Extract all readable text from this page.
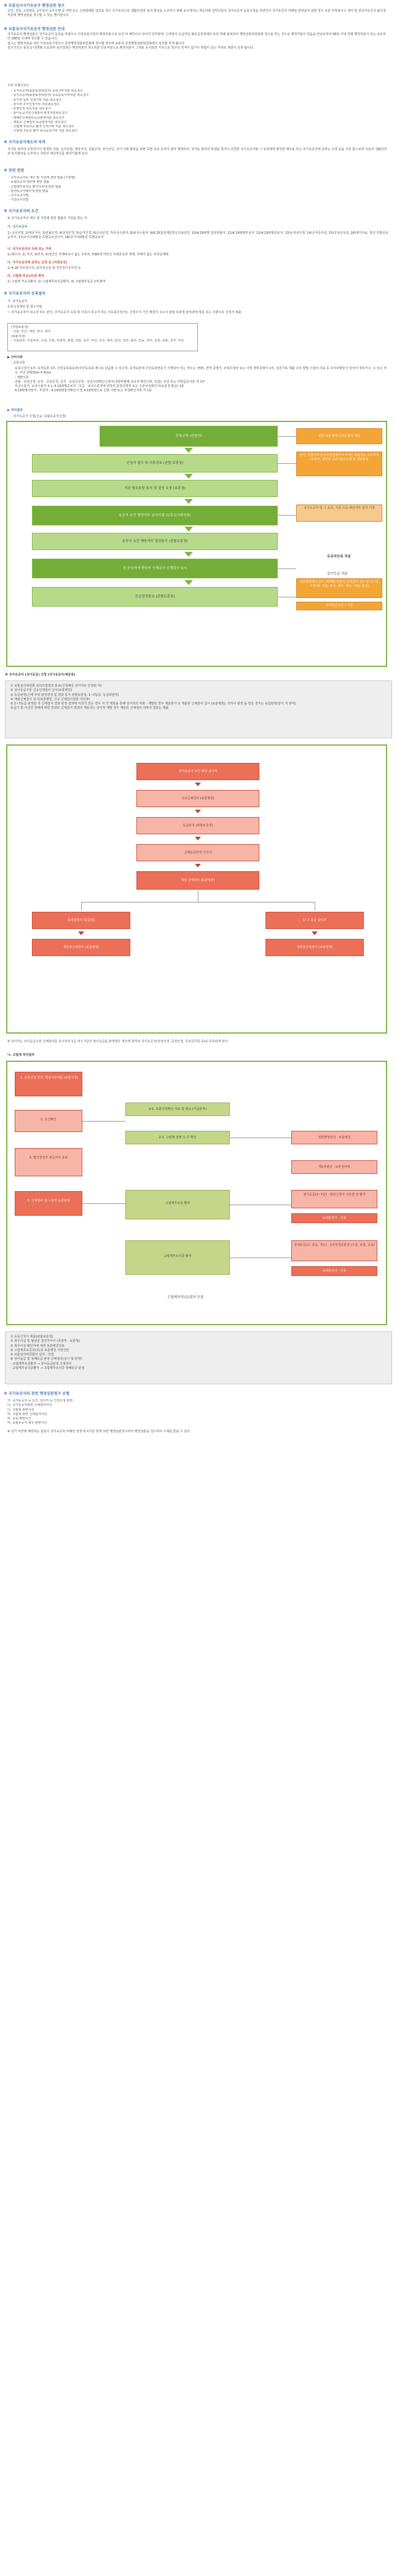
※ 보훈심사국가유공자 행정심판 청구
군인, 경찰, 소방관등 공무원이 공무수행 중 사망 또는 신체장해를 입었을 경우 국가보상으로 생활안정과 복지 향상을 도모하기 위해 보구에서는 제도마와 일반인들이 국가유공자 등록신청을 하면인사 국가유공자 미해당 결정을처 분할 경우 보훈 부정복이고 생각 및 취국가유공자 불인정처분에 행정심판을 청구할 수 있는 행이입니다.
※ 보훈심사국가유공자 행정심판 안내
국가유공자 행정심판은 국가유공자 등록을 하였으나 지정보훈지청의 행정처분으로 요건 비 해당이나 상이처 일부판정, 신체검사 등급미달 불등급결정에의 또하 대해 불복하여 행정심판위원회에 청구을 하는 것으로 행정처분이 있음을 안날로부터 90일 이내 특별 행정처분이 있는 날로부터 180일 이내에 청구할 수 있습니다.
접수는 행정처분을 내린 지정보훈지청이나 중앙행정심판위원회에 청구할 경우에 보훈처 중앙행정심판위원회에서 심의할 하게 됩니다.
심의기간은 통상 2~3개월 소요되며 심의결과는 행정처분의 취소처분 인용처분으로 행정처분이 그대로 유지되면 기각으로 청구인 적격이 없거나 위법이 있는 각하로 재결이 되게 됩니다.
주로 유형으로는
- 국가유공자(보훈보상대상자) 등록거부처분 취소청구
- 국가유공자(보훈보상대상자) 유족등록거부처분 취소청구
- 상이처 일부 인정거부 처분 취소청구
- 상이처 추가인정거부 처분취소청구
- 요양인정 취소처분 취소청구
- 상이등급구분신체검사 판정처분취소청구
- 재해인신체검사등급판정처분 취소청구
- 재분류 신체검사 등급판정처분 취소청구
- 고엽제 후유의증 환자 인정거부 처분 취소청구
- 고엽제 후유증 환자 유족등록거부 처분 취소청구
※ 국가유공자제도의 목적
국가를 위하여 공헌하거나 희생한 사람, 순국선열, 애국지사, 전몰군경, 상이군인, 국가 사회 발전을 위한 특별 공로 순직자 참여 제대하여, 국가를 위하여 희생을 하거나 공헌한 국가유공자와 그 유족에게 합당한 예우를 하고 국가유공자에 준하는 군경 등을 지원 함으로써 이들의 생활안정과 복지향상을 도모하고 국민의 애국정신을 꾀하기함에 있다.
※ 관련 법령
- 국가유공자등 예우 및 지원에 관한 법률 (기본법)
- 독립유공자 예우에 관한 법률
- 고엽제후유의증 환자지원에 관한 법률
- 참전유공자예우에 관한 법률
- 국가유공자법
- 지원공무원법
※ 국가유공자의 요건
※ 국가유공자의 예우 및 지원에 관한 법률의 지원을 받는 자
가. 국가유공자
1) 순국선열, 2)애국지사, 3)전몰군경, 4)전상군경, 5)순직군경, 6)공상군경, 7)무공수훈자, 8)보국수훈자, 9)6.25참전재일학도의용군인, 10)4.19혁명 참전전몰자, 11)4.19혁명부상자, 12)4.19혁명공로자, 13)순직공무원, 14)공직공무원, 15)공상군무원, 16)재가자료, 방진 특별공로순직자, 17)국가사회발전 특별공로상이자, 18)국가사회발전 특별공로자
나. 국가유공자의 유족 또는 가족
1) 배우자, 2) 자녀, 3)부모, 4)성년인 직계비속이 없는 조부모, 5)60세 미만인 직계존속과 생계, 자매가 없는 미성년제매
다. 국가유공자에 준하는 군경 등 (지원공상)
1) 6.18 자유상이자, 2)지원공상 3) 전후원시군무원 등
라. 고엽제 후유(의)증 환자
1) 고엽제 후유증환자, 2) 고엽제후유의증환자, 3) 고엽제후유증 2세 환자
※ 국가유공자의 등록절차
가. 국가유공자
등록신청대상 및 접수기관
~ 국가유공자가 되고자 하는 본인, 국가유공자 유족 및 가족이 되고자 하는 자등록신청서는 신청주지 기인 해결가 주소지 관할 보훈청 관리과에 방문 또는 우편으로 신청서 제출
(지방보훈청)
- 서울, 부산, 대전, 대구, 광주
(보훈지청)
- 서울남부, 서울북부, 수원, 인천, 의정부, 춘천, 강릉, 원주, 마산, 진주, 제주, 울산, 청주, 충주, 안동, 경주, 순천, 목포, 전주, 익산
▶ 구비서류
- 공통서류
등록신청서 1부, 호적등본 1부, 주민등록표등본(주민등록표 제시로 갈음할 수 있으며, 호적등본에 주민등록번호가 기재되어 있는 경우는 생략), 전역 증명서, 군복무대상 또는 이력 경력증명서 1부, 입원기록 제출 주의 방법 시점의 의료 등 조치사항들이 있어야 정하거나, 수 있는 경우, 사진 2매(3cm X 4cm)
- 개별서류
전몰 · 전상군경, 순직 · 공상군경, 순직 · 공상공무원 : 전공사상확인신청서(국방부발행 유공자 확인서류, 포함), 부상 또는 사망입증서류 각 1부
무공수훈자, 보국수훈자 또는 4.19혁명공로자 : 무공 · 보국수훈자에 한하여 훈장증명원 또는 수훈사실확인서(보훈청 발급) 1통
4.19혁명사망자 · 부상자 : 4.19혁명참가확인서 및 4.19혁명으로 인한 사망 또는 부상확인서류 각 1통
▶ 처리절차
- 국가유공자 신청(신규, 독립유공자신청)
등록신청 (민원인)	관할 보훈청에 등록신청서 제출
신청서 접수 및 서류검토 (관할 보훈청)
군인, 경찰공무원(공무원관할부처 파견), 보훈청은 소속부처(국방부, 경찰청 등)에 확인요청 및 결과통보
기관 협조통합 통지 및 결정 요청 (보훈청)
유공자 요건 해당여부 심의의결 (보훈심사위원회)
국가유공자 및 그 유족, 가족 으로 해당여부 심의 의결
유공자 요건 해당여부 결정통지 (관할보훈청)
유공자등록 처분
상이등급 처분
전 공상자에 한하여 신체검사 신체검사 실시
보훈병원에서 실시 (장해와 보훈처 신체검사 장소 및 일시를 서면(예: 서울, 부산, 광주, 대구, 대전) 통지)
등급결정통보 (관할보훈청)
상이등급 1급 ~ 7급
※ 국가유공자 (상이등급) 신청 (국가유공자/재분류)
① 보훈심사위원회 심의의결결과 통보(신청해당 상이처로 인정된 자)
② 상이등급구분 신규신체검사 실시(보훈병원)
③ 등급판정(신체 부위 판정결정 및 결과 통지 관할보훈청, 1~7등급, 등급외판정)
④ 재심신체검사 실시(보훈병원, 신규 신체검사결과 이의자)
⑤ 1~7등급 판정된 자 신체검사 결과 판정 결과에 이의가 있는 경우 자 가 재검을 통해 상이처의 악화 · 재발된 경우 재분류가 ① 재분류 신체검사 실시 (보훈병원), 의하나 판정 을 받은 경우는 등급판정(상이 처 관여)
등급기 및 사실상 장애에 대한 결과로 신체검사 결과의 재등의는 상이처 재발 경우 재분류 신체검사 의하여 결과는 제출
국가유공자 요건 해당 상이처
신규신체검사 (보훈병원)
등급통지 (관할보훈청)
신체등급판정 이의자
재심 신체검사 (보훈병원)
등외판정자 (등급외)
재분류신체검사 (보훈병원)
1~7 등급 상이자
재분류신체검사 (보훈병원)
※ 상이처는 상이등급구분 신체검사를 실시하여 1급 내지 7급의 상이등급을 판정받은 경우에 한하여 국가유공자(전상군경, 공상군경, 공상공무원 등)로 등록되게 된다.
나. 고엽제 처리절차
1. 등록신청 본인, 행정서류제출 (보훈지청)
2. 요건확인
3. 법의결정후 전공처자 통보
4. 신체검사 실시 판정 등급판정
2-1. 보훈지청확인 자료 및 필요 (지급분부)
2-2. 고엽제 질병 유 무 확인
고엽제후유증 환자
고엽제후유의증 환자
일반행정판단 · 보훈병원
제1차판단 · 보훈심사위
상이등급(1~7급) · 판단신청서 이유참 장 환자
등외판정자 · 인용
장애등급(고, 중등, 경도) · 1차적경증판정 (수당, 요양, 교육)
등외판정자 · 인용
고엽제처리(유)절차 등록
① 등록신청서 제출(관할보훈청)
② 복무사실 및 월남전 참전자이어 (국방부 · 보훈청)
③ 복무사실 확인자에 대한 보훈병원진료
④ 고엽제후유증의(의)증 보훈병원 서면진단
⑤ 보훈심사위원회의 심의 · 의결
⑥ 상이등급 및 장해등급 판정 신체검사(실시 및 판정)
- 고엽제후유증환자 → 상이등급판정 신체검사
- 고엽제후유의증환자 → 고엽제후유의증 장해등급 판정
※ 국가유공자와 관련 행정심판청구 유형
가. 국가유공자 등 요건, 상이처 등 인정신청 관련
나. 국가유공자관련 신체검사사건
다. 고엽제 관련사건
라. 고엽제 관련 신체검사사건
마. 유족 관련사건
바. 독립유공자 예우 관련사건
※ 상기 사안에 해당하는 분들이 국가유공자 미해당 결정 통지서를 받게 되면 행정심판청구하여 행정심판을 청구하여 구제를 받을 수 있다.
